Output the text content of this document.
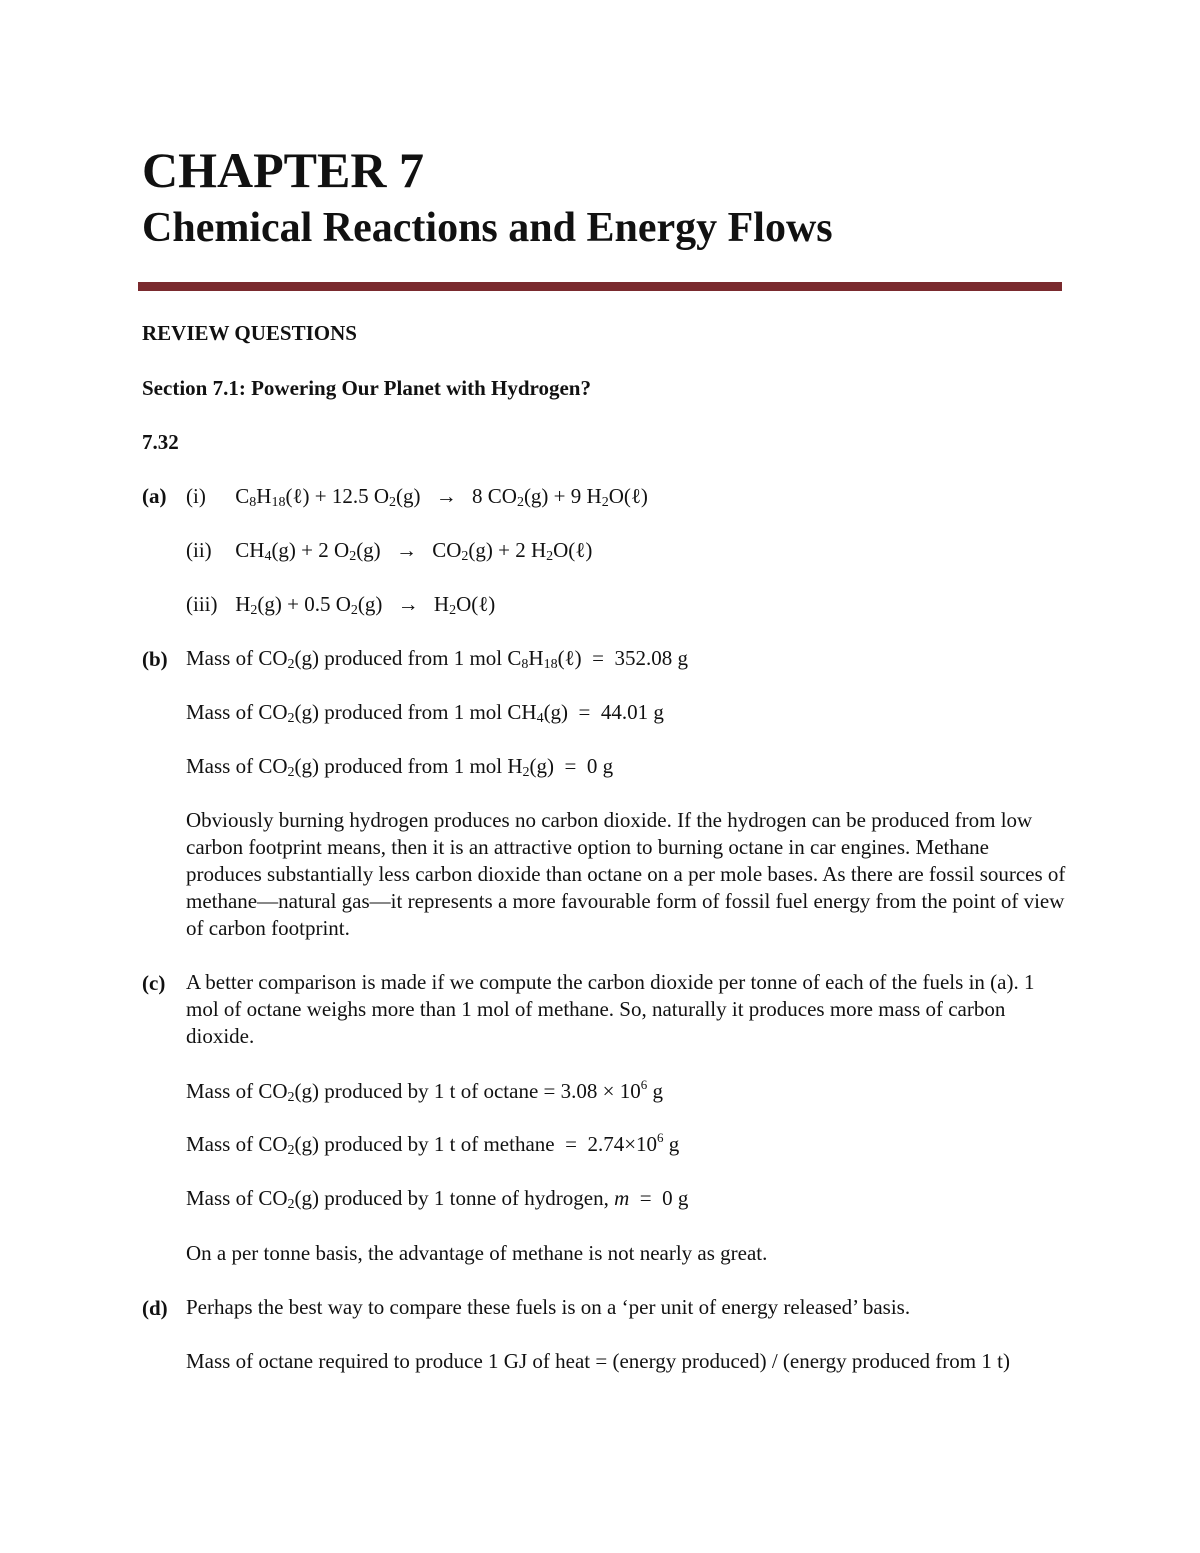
CHAPTER 7
Chemical Reactions and Energy Flows
REVIEW QUESTIONS
Section 7.1: Powering Our Planet with Hydrogen?
7.32
(a) (i) $C_8H_{18}(\ell) + 12.5$ $O_2(g) \to 8$ $CO_2(g) + 9$ $H_2O(\ell)$
(ii) $CH_4(g) + 2$ $O_2(g) \to CO_2(g) + 2$ $H_2O(\ell)$
(iii) $H_2(g) + 0.5$ $O_2(g)$ → $H_2O(\ell)$
(b) Mass of $CO_2(g)$ produced from 1 mol $C_8H_{18}(\ell) = 352.08$ g
Mass of $CO_2(g)$ produced from 1 mol $CH_4(g) = 44.01$ g
Mass of $CO_2(g)$ produced from 1 mol $H_2(g) = 0$ g
Obviously burning hydrogen produces no carbon dioxide. If the hydrogen can be produced from low carbon footprint means, then it is an attractive option to burning octane in car engines. Methane produces substantially less carbon dioxide than octane on a per mole bases. As there are fossil sources of methane—natural gas—it represents a more favourable form of fossil fuel energy from the point of view of carbon footprint.
(c) A better comparison is made if we compute the carbon dioxide per tonne of each of the fuels in (a). 1 mol of octane weighs more than 1 mol of methane. So, naturally it produces more mass of carbon dioxide.
Mass of $CO_2(g)$ produced by 1 t of $octane = 3.08 \times 10^6$ g
Mass of $CO_2(g)$ produced by 1 t of methane  =  $2.74\times 10^6$ g
Mass of $CO_2(g)$ produced by 1 tonne of hydrogen, m  =  0 g
On a per tonne basis, the advantage of methane is not nearly as great.
(d) Perhaps the best way to compare these fuels is on a ‘per unit of energy released’ basis.
Mass of octane required to produce 1 GJ of heat = (energy produced) / (energy produced from 1 t)
